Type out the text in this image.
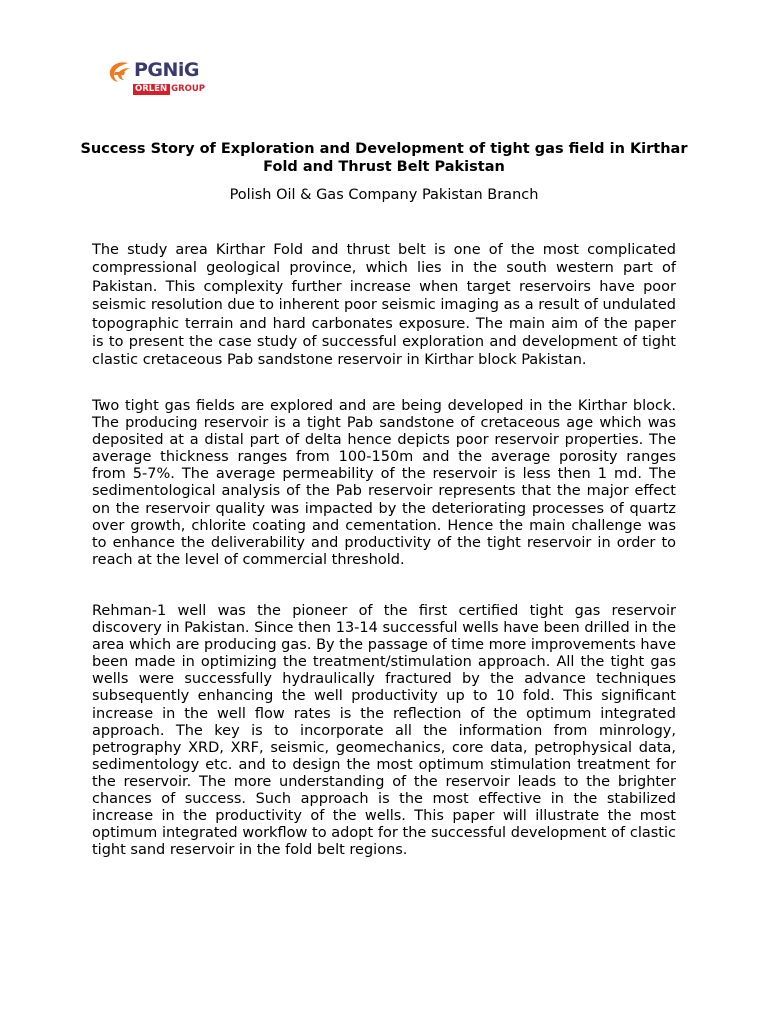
PGNiG
ORLEN GROUP
Success Story of Exploration and Development of tight gas field in Kirthar Fold and Thrust Belt Pakistan

Polish Oil & Gas Company Pakistan Branch

The study area Kirthar Fold and thrust belt is one of the most complicated compressional geological province, which lies in the south western part of Pakistan. This complexity further increase when target reservoirs have poor seismic resolution due to inherent poor seismic imaging as a result of undulated topographic terrain and hard carbonates exposure. The main aim of the paper is to present the case study of successful exploration and development of tight clastic cretaceous Pab sandstone reservoir in Kirthar block Pakistan.

Two tight gas fields are explored and are being developed in the Kirthar block. The producing reservoir is a tight Pab sandstone of cretaceous age which was deposited at a distal part of delta hence depicts poor reservoir properties. The average thickness ranges from 100-150m and the average porosity ranges from 5-7%. The average permeability of the reservoir is less then 1 md. The sedimentological analysis of the Pab reservoir represents that the major effect on the reservoir quality was impacted by the deteriorating processes of quartz over growth, chlorite coating and cementation. Hence the main challenge was to enhance the deliverability and productivity of the tight reservoir in order to reach at the level of commercial threshold.

Rehman-1 well was the pioneer of the first certified tight gas reservoir discovery in Pakistan. Since then 13-14 successful wells have been drilled in the area which are producing gas. By the passage of time more improvements have been made in optimizing the treatment/stimulation approach. All the tight gas wells were successfully hydraulically fractured by the advance techniques subsequently enhancing the well productivity up to 10 fold. This significant increase in the well flow rates is the reflection of the optimum integrated approach. The key is to incorporate all the information from minrology, petrography XRD, XRF, seismic, geomechanics, core data, petrophysical data, sedimentology etc. and to design the most optimum stimulation treatment for the reservoir. The more understanding of the reservoir leads to the brighter chances of success. Such approach is the most effective in the stabilized increase in the productivity of the wells. This paper will illustrate the most optimum integrated workflow to adopt for the successful development of clastic tight sand reservoir in the fold belt regions.
